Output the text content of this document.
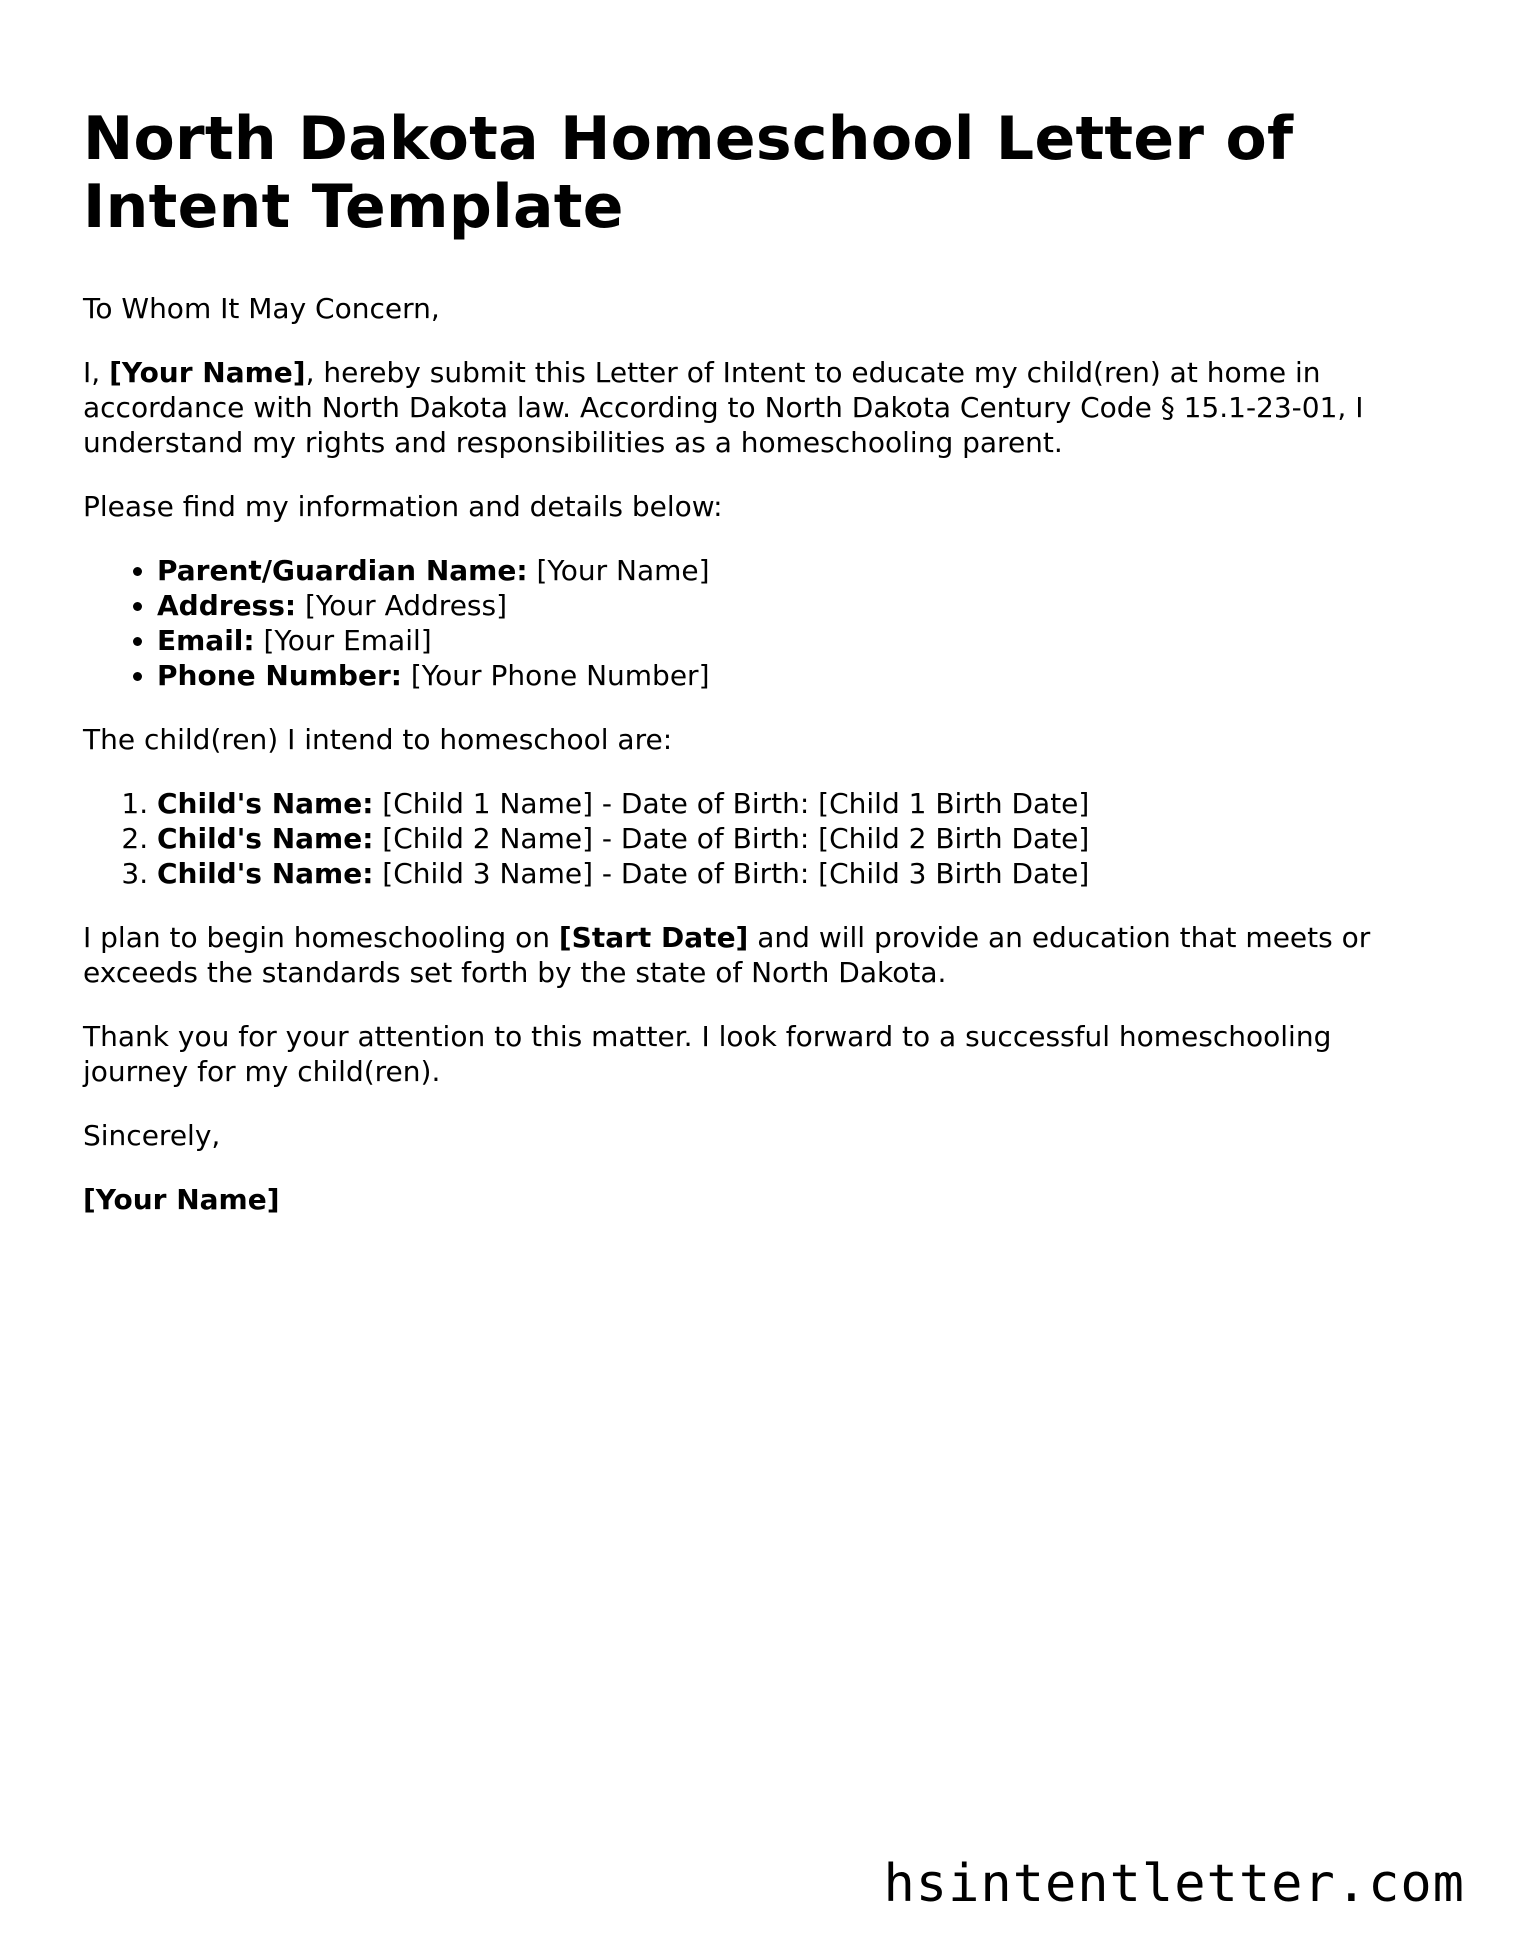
North Dakota Homeschool Letter of Intent Template

To Whom It May Concern,

I, [Your Name], hereby submit this Letter of Intent to educate my child(ren) at home in accordance with North Dakota law. According to North Dakota Century Code § 15.1-23-01, I understand my rights and responsibilities as a homeschooling parent.

Please find my information and details below:

• Parent/Guardian Name: [Your Name]
• Address: [Your Address]
• Email: [Your Email]
• Phone Number: [Your Phone Number]

The child(ren) I intend to homeschool are:

1. Child's Name: [Child 1 Name] - Date of Birth: [Child 1 Birth Date]
2. Child's Name: [Child 2 Name] - Date of Birth: [Child 2 Birth Date]
3. Child's Name: [Child 3 Name] - Date of Birth: [Child 3 Birth Date]

I plan to begin homeschooling on [Start Date] and will provide an education that meets or exceeds the standards set forth by the state of North Dakota.

Thank you for your attention to this matter. I look forward to a successful homeschooling journey for my child(ren).

Sincerely,

[Your Name]

hsintentletter.com
